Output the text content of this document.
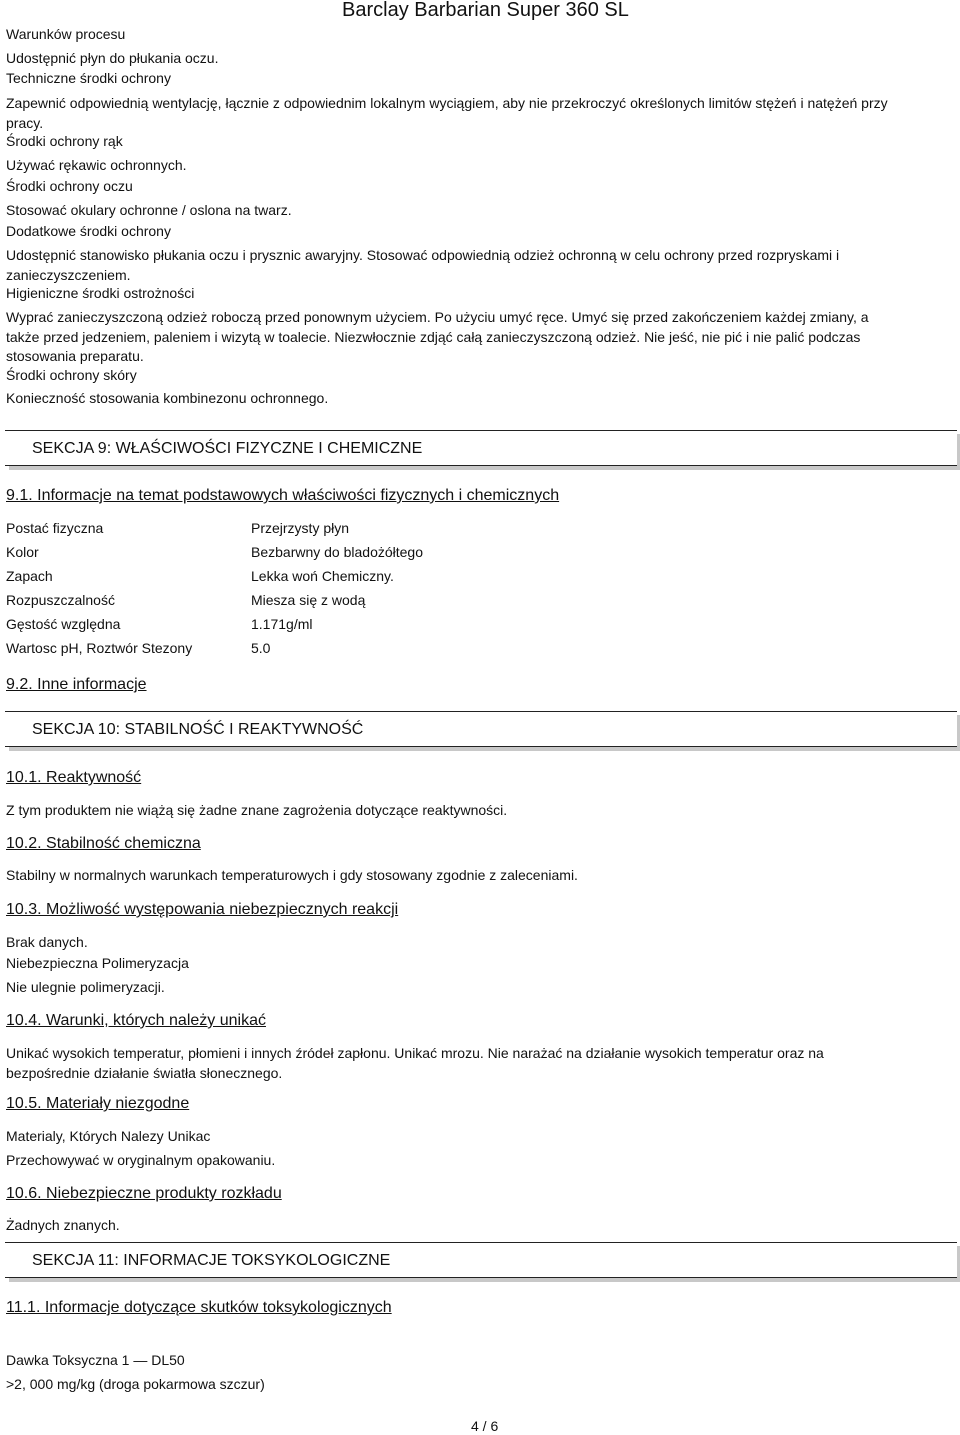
Barclay Barbarian Super 360 SL
Warunków procesu
Udostępnić płyn do płukania oczu.
Techniczne środki ochrony
Zapewnić odpowiednią wentylację, łącznie z odpowiednim lokalnym wyciągiem, aby nie przekroczyć określonych limitów stężeń i natężeń przy pracy.
Środki ochrony rąk
Używać rękawic ochronnych.
Środki ochrony oczu
Stosować okulary ochronne / oslona na twarz.
Dodatkowe środki ochrony
Udostępnić stanowisko płukania oczu i prysznic awaryjny. Stosować odpowiednią odzież ochronną w celu ochrony przed rozpryskami i zanieczyszczeniem.
Higieniczne środki ostrożności
Wyprać zanieczyszczoną odzież roboczą przed ponownym użyciem. Po użyciu umyć ręce. Umyć się przed zakończeniem każdej zmiany, a także przed jedzeniem, paleniem i wizytą w toalecie. Niezwłocznie zdjąć całą zanieczyszczoną odzież. Nie jeść, nie pić i nie palić podczas stosowania preparatu.
Środki ochrony skóry
Konieczność stosowania kombinezonu ochronnego.
SEKCJA 9: WŁAŚCIWOŚCI FIZYCZNE I CHEMICZNE
9.1. Informacje na temat podstawowych właściwości fizycznych i chemicznych
Postać fizyczna	Przejrzysty płyn
Kolor	Bezbarwny do bladożółtego
Zapach	Lekka woń Chemiczny.
Rozpuszczalność	Miesza się z wodą
Gęstość względna	1.171g/ml
Wartosc pH, Roztwór Stezony	5.0
9.2. Inne informacje
SEKCJA 10: STABILNOŚĆ I REAKTYWNOŚĆ
10.1. Reaktywność
Z tym produktem nie wiążą się żadne znane zagrożenia dotyczące reaktywności.
10.2. Stabilność chemiczna
Stabilny w normalnych warunkach temperaturowych i gdy stosowany zgodnie z zaleceniami.
10.3. Możliwość występowania niebezpiecznych reakcji
Brak danych.
Niebezpieczna Polimeryzacja
Nie ulegnie polimeryzacji.
10.4. Warunki, których należy unikać
Unikać wysokich temperatur, płomieni i innych źródeł zapłonu. Unikać mrozu. Nie narażać na działanie wysokich temperatur oraz na bezpośrednie działanie światła słonecznego.
10.5. Materiały niezgodne
Materialy, Których Nalezy Unikac
Przechowywać w oryginalnym opakowaniu.
10.6. Niebezpieczne produkty rozkładu
Żadnych znanych.
SEKCJA 11: INFORMACJE TOKSYKOLOGICZNE
11.1. Informacje dotyczące skutków toksykologicznych
Dawka Toksyczna 1 — DL50
>2, 000 mg/kg (droga pokarmowa szczur)
4 / 6
